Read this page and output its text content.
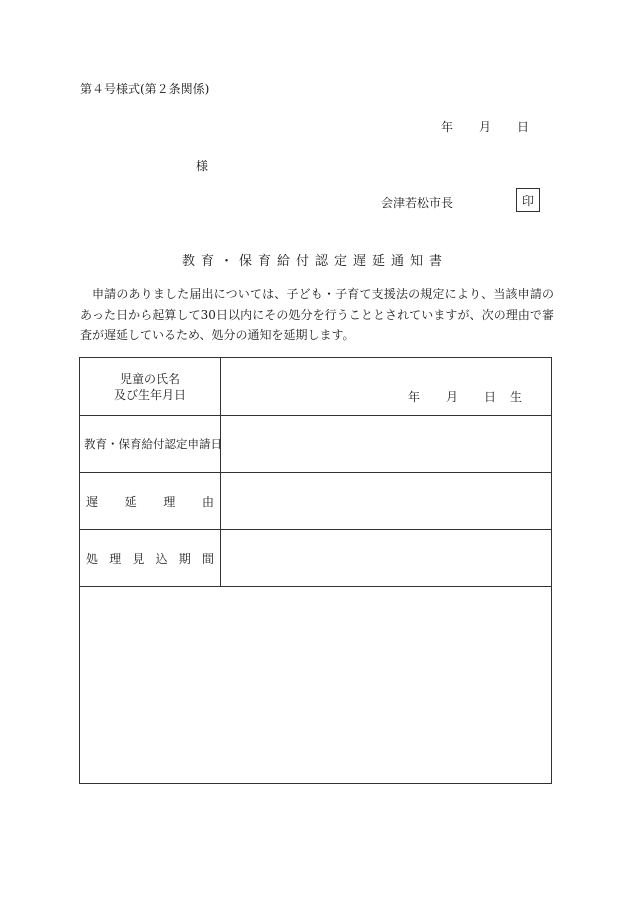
第４号様式(第２条関係)
年 月 日
様
会津若松市長	印
教育・保育給付認定遅延通知書
申請のありました届出については、子ども・子育て支援法の規定により、当該申請のあった日から起算して30日以内にその処分を行うこととされていますが、次の理由で審査が遅延しているため、処分の通知を延期します。
児 童 の 氏 名
及 び 生 年 月 日	年 月 日 生
教育・保育給付認定申請日
遅 延 理 由
処 理 見 込 期 間
